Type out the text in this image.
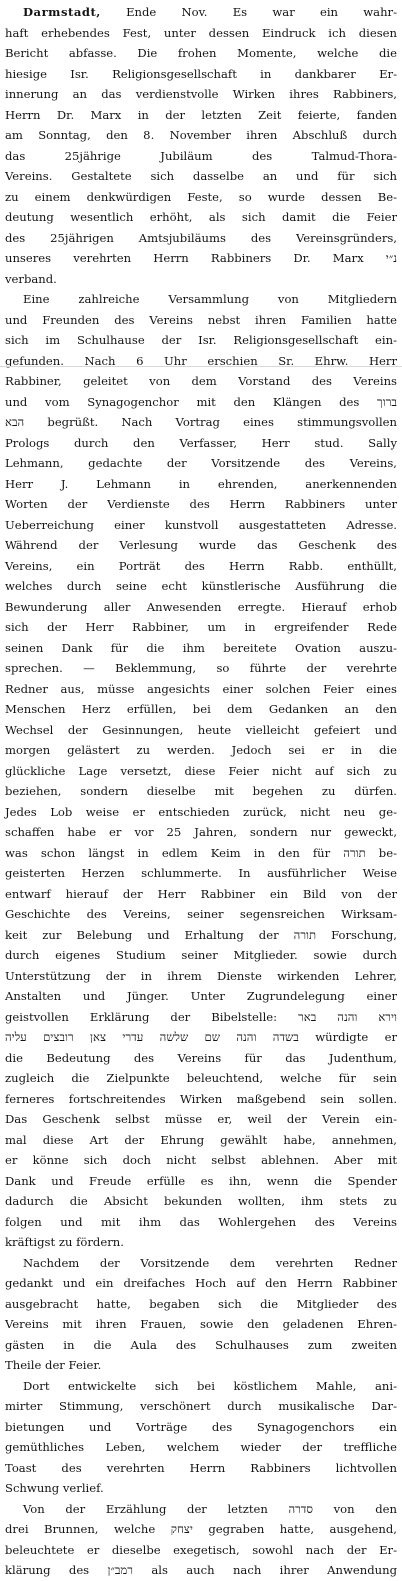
Darmstadt, Ende Nov. Es war ein wahr-
haft erhebendes Fest, unter dessen Eindruck ich diesen
Bericht abfasse. Die frohen Momente, welche die
hiesige Isr. Religionsgesellschaft in dankbarer Er-
innerung an das verdienstvolle Wirken ihres Rabbiners,
Herrn Dr. Marx in der letzten Zeit feierte, fanden
am Sonntag, den 8. November ihren Abschluß durch
das 25jährige Jubiläum des Talmud-Thora-
Vereins. Gestaltete sich dasselbe an und für sich
zu einem denkwürdigen Feste, so wurde dessen Be-
deutung wesentlich erhöht, als sich damit die Feier
des 25jährigen Amtsjubiläums des Vereinsgründers,
unseres verehrten Herrn Rabbiners Dr. Marx נ״י
verband.
Eine zahlreiche Versammlung von Mitgliedern
und Freunden des Vereins nebst ihren Familien hatte
sich im Schulhause der Isr. Religionsgesellschaft ein-
gefunden. Nach 6 Uhr erschien Sr. Ehrw. Herr
Rabbiner, geleitet von dem Vorstand des Vereins
und vom Synagogenchor mit den Klängen des ברוך
הבא begrüßt. Nach Vortrag eines stimmungsvollen
Prologs durch den Verfasser, Herr stud. Sally
Lehmann, gedachte der Vorsitzende des Vereins,
Herr J. Lehmann in ehrenden, anerkennenden
Worten der Verdienste des Herrn Rabbiners unter
Ueberreichung einer kunstvoll ausgestatteten Adresse.
Während der Verlesung wurde das Geschenk des
Vereins, ein Porträt des Herrn Rabb. enthüllt,
welches durch seine echt künstlerische Ausführung die
Bewunderung aller Anwesenden erregte. Hierauf erhob
sich der Herr Rabbiner, um in ergreifender Rede
seinen Dank für die ihm bereitete Ovation auszu-
sprechen. — Beklemmung, so führte der verehrte
Redner aus, müsse angesichts einer solchen Feier eines
Menschen Herz erfüllen, bei dem Gedanken an den
Wechsel der Gesinnungen, heute vielleicht gefeiert und
morgen gelästert zu werden. Jedoch sei er in die
glückliche Lage versetzt, diese Feier nicht auf sich zu
beziehen, sondern dieselbe mit begehen zu dürfen.
Jedes Lob weise er entschieden zurück, nicht neu ge-
schaffen habe er vor 25 Jahren, sondern nur geweckt,
was schon längst in edlem Keim in den für תורה be-
geisterten Herzen schlummerte. In ausführlicher Weise
entwarf hierauf der Herr Rabbiner ein Bild von der
Geschichte des Vereins, seiner segensreichen Wirksam-
keit zur Belebung und Erhaltung der תורה Forschung,
durch eigenes Studium seiner Mitglieder. sowie durch
Unterstützung der in ihrem Dienste wirkenden Lehrer,
Anstalten und Jünger. Unter Zugrundelegung einer
geistvollen Erklärung der Bibelstelle: וירא והנה באר
בשדה והנה שם שלשה עדרי צאן רובצים עליה würdigte er
die Bedeutung des Vereins für das Judenthum,
zugleich die Zielpunkte beleuchtend, welche für sein
ferneres fortschreitendes Wirken maßgebend sein sollen.
Das Geschenk selbst müsse er, weil der Verein ein-
mal diese Art der Ehrung gewählt habe, annehmen,
er könne sich doch nicht selbst ablehnen. Aber mit
Dank und Freude erfülle es ihn, wenn die Spender
dadurch die Absicht bekunden wollten, ihm stets zu
folgen und mit ihm das Wohlergehen des Vereins
kräftigst zu fördern.
Nachdem der Vorsitzende dem verehrten Redner
gedankt und ein dreifaches Hoch auf den Herrn Rabbiner
ausgebracht hatte, begaben sich die Mitglieder des
Vereins mit ihren Frauen, sowie den geladenen Ehren-
gästen in die Aula des Schulhauses zum zweiten
Theile der Feier.
Dort entwickelte sich bei köstlichem Mahle, ani-
mirter Stimmung, verschönert durch musikalische Dar-
bietungen und Vorträge des Synagogenchors ein
gemüthliches Leben, welchem wieder der treffliche
Toast des verehrten Herrn Rabbiners lichtvollen
Schwung verlief.
Von der Erzählung der letzten סדרה von den
drei Brunnen, welche יצחק gegraben hatte, ausgehend,
beleuchtete er dieselbe exegetisch, sowohl nach der Er-
klärung des רמב״ן als auch nach ihrer Anwendung
